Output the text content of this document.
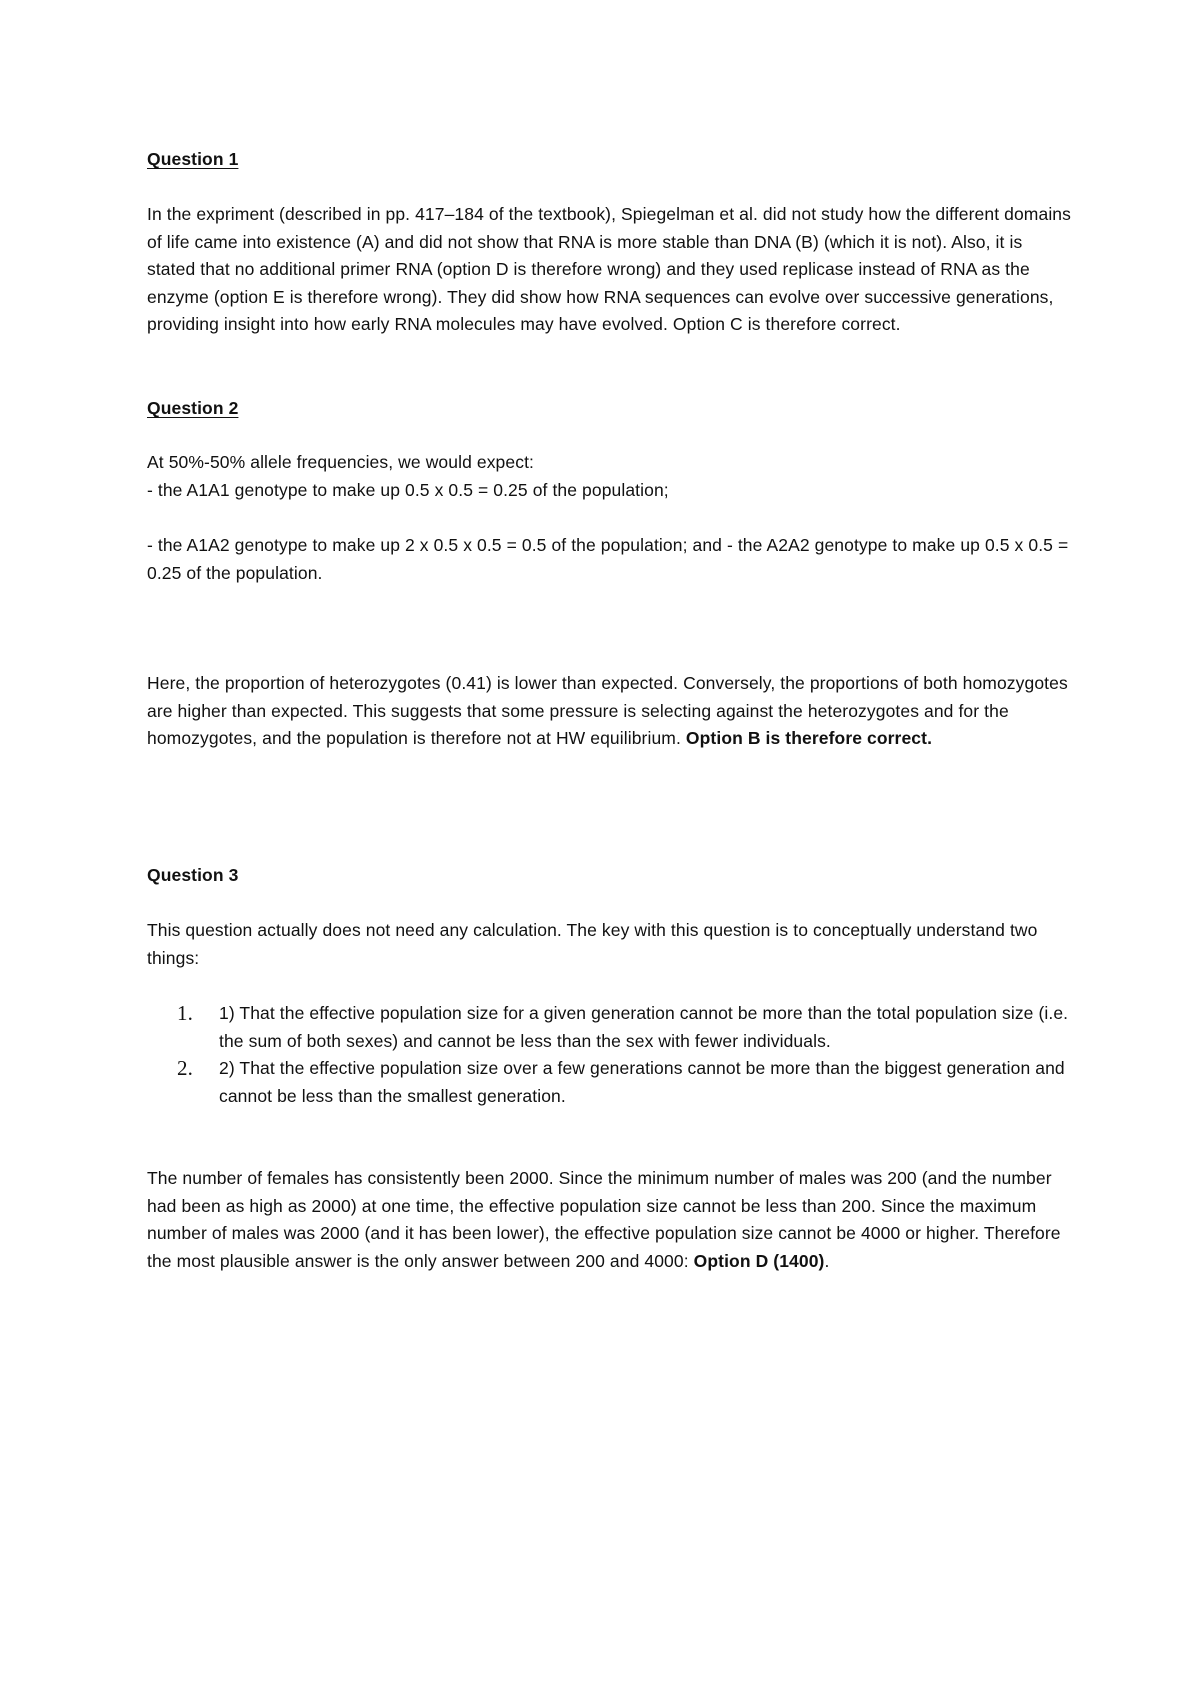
Question 1

In the expriment (described in pp. 417–184 of the textbook), Spiegelman et al. did not study how the different domains of life came into existence (A) and did not show that RNA is more stable than DNA (B) (which it is not). Also, it is stated that no additional primer RNA (option D is therefore wrong) and they used replicase instead of RNA as the enzyme (option E is therefore wrong). They did show how RNA sequences can evolve over successive generations, providing insight into how early RNA molecules may have evolved. Option C is therefore correct.

Question 2

At 50%-50% allele frequencies, we would expect:

- the A1A1 genotype to make up 0.5 x 0.5 = 0.25 of the population;

- the A1A2 genotype to make up 2 x 0.5 x 0.5 = 0.5 of the population; and - the A2A2 genotype to make up 0.5 x 0.5 = 0.25 of the population.

Here, the proportion of heterozygotes (0.41) is lower than expected. Conversely, the proportions of both homozygotes are higher than expected. This suggests that some pressure is selecting against the heterozygotes and for the homozygotes, and the population is therefore not at HW equilibrium. Option B is therefore correct.

Question 3

This question actually does not need any calculation. The key with this question is to conceptually understand two things:

1. 1) That the effective population size for a given generation cannot be more than the total population size (i.e. the sum of both sexes) and cannot be less than the sex with fewer individuals.
2. 2) That the effective population size over a few generations cannot be more than the biggest generation and cannot be less than the smallest generation.

The number of females has consistently been 2000. Since the minimum number of males was 200 (and the number had been as high as 2000) at one time, the effective population size cannot be less than 200. Since the maximum number of males was 2000 (and it has been lower), the effective population size cannot be 4000 or higher. Therefore the most plausible answer is the only answer between 200 and 4000: Option D (1400).
